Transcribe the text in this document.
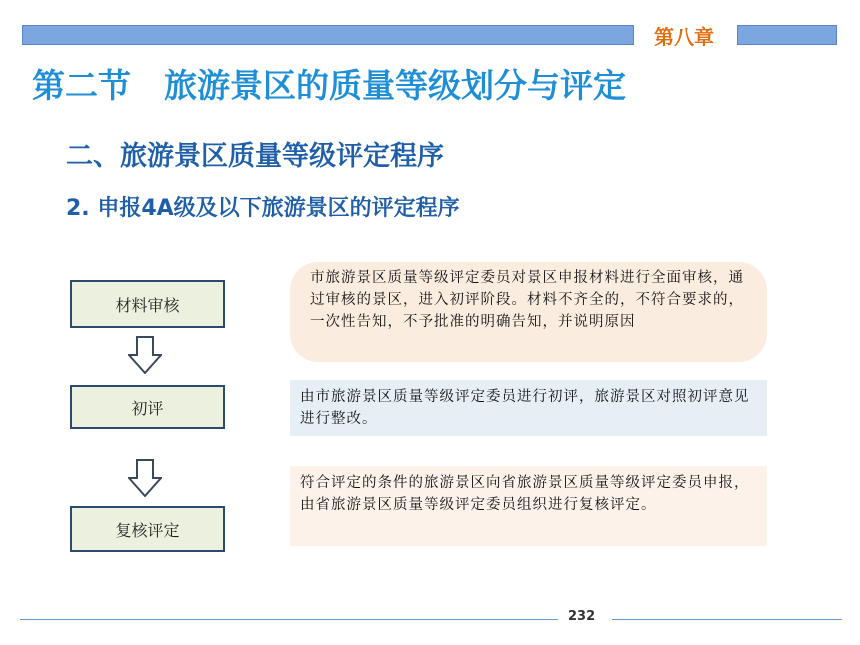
第八章
第二节　旅游景区的质量等级划分与评定
二、旅游景区质量等级评定程序
2. 申报4A级及以下旅游景区的评定程序
材料审核
初评
复核评定
市旅游景区质量等级评定委员对景区申报材料进行全面审核，通过审核的景区，进入初评阶段。材料不齐全的，不符合要求的，一次性告知，不予批准的明确告知，并说明原因
由市旅游景区质量等级评定委员进行初评，旅游景区对照初评意见进行整改。
符合评定的条件的旅游景区向省旅游景区质量等级评定委员申报，由省旅游景区质量等级评定委员组织进行复核评定。
232
